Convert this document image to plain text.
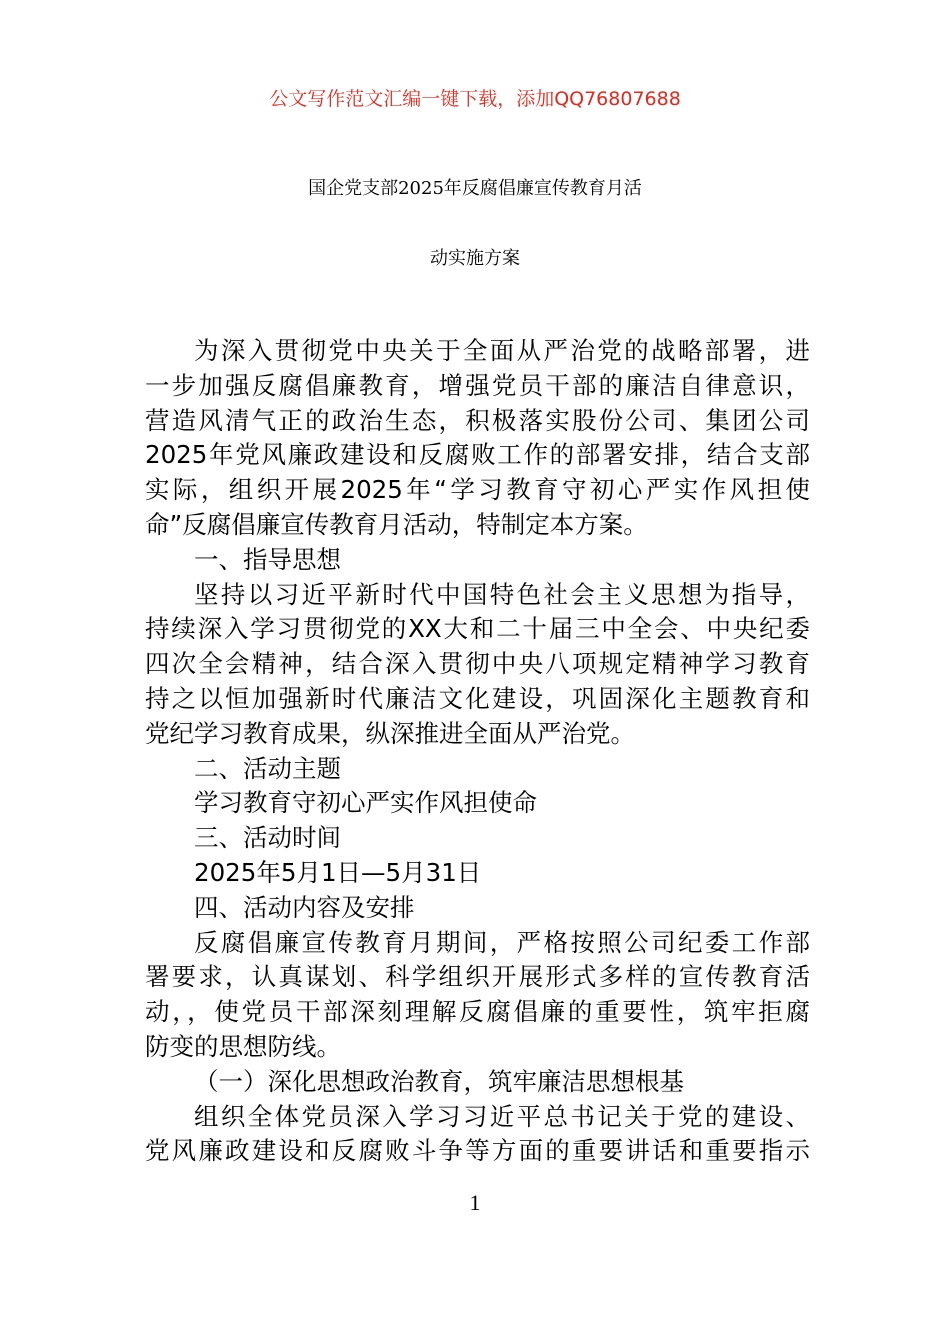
公文写作范文汇编一键下载，添加QQ76807688
国企党支部2025年反腐倡廉宣传教育月活
动实施方案
为深入贯彻党中央关于全面从严治党的战略部署，进
一步加强反腐倡廉教育，增强党员干部的廉洁自律意识，
营造风清气正的政治生态，积极落实股份公司、集团公司
2025年党风廉政建设和反腐败工作的部署安排，结合支部
实际，组织开展2025年“学习教育守初心严实作风担使
命”反腐倡廉宣传教育月活动，特制定本方案。
一、指导思想
坚持以习近平新时代中国特色社会主义思想为指导，
持续深入学习贯彻党的XX大和二十届三中全会、中央纪委
四次全会精神，结合深入贯彻中央八项规定精神学习教育
持之以恒加强新时代廉洁文化建设，巩固深化主题教育和
党纪学习教育成果，纵深推进全面从严治党。
二、活动主题
学习教育守初心严实作风担使命
三、活动时间
2025年5月1日—5月31日
四、活动内容及安排
反腐倡廉宣传教育月期间，严格按照公司纪委工作部
署要求，认真谋划、科学组织开展形式多样的宣传教育活
动，，使党员干部深刻理解反腐倡廉的重要性，筑牢拒腐
防变的思想防线。
（一）深化思想政治教育，筑牢廉洁思想根基
组织全体党员深入学习习近平总书记关于党的建设、
党风廉政建设和反腐败斗争等方面的重要讲话和重要指示
1
